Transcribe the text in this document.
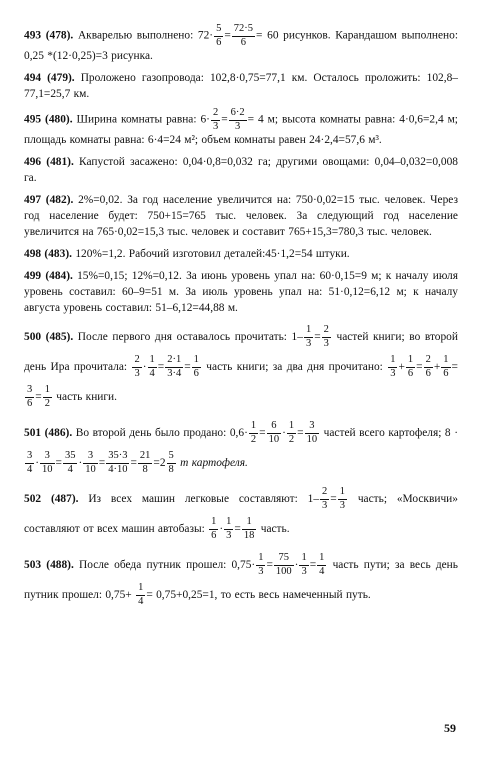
493 (478). Акварелью выполнено: $72\cdot \frac{5}{6} = \frac{72\cdot 5}{6} = 60$ рисунков. Карандашом выполнено: 0,25 *(12·0,25)=3 рисунка.

494 (479). Проложено газопровода: 102,8·0,75=77,1 км. Осталось проложить: 102,8–77,1=25,7 км.

495 (480). Ширина комнаты равна: $6\cdot \frac{2}{3} = \frac{6\cdot 2}{3} = 4$ м; высота комнаты равна: 4·0,6=2,4 м; площадь комнаты равна: 6·4=24 м²; объем комнаты равен 24·2,4=57,6 м³.

496 (481). Капустой засажено: 0,04·0,8=0,032 га; другими овощами: 0,04–0,032=0,008 га.

497 (482). 2%=0,02. За год население увеличится на: 750·0,02=15 тыс. человек. Через год население будет: 750+15=765 тыс. человек. За следующий год население увеличится на 765·0,02=15,3 тыс. человек и составит 765+15,3=780,3 тыс. человек.

498 (483). 120%=1,2. Рабочий изготовил деталей:45·1,2=54 штуки.

499 (484). 15%=0,15; 12%=0,12. За июнь уровень упал на: 60·0,15=9 м; к началу июля уровень составил: 60–9=51 м. За июль уровень упал на: 51·0,12=6,12 м; к началу августа уровень составил: 51–6,12=44,88 м.

500 (485). После первого дня оставалось прочитать: $1- \frac{1}{3} = \frac{2}{3}$ частей книги; во второй день Ира прочитала: $\frac{2}{3} \cdot \frac{1}{4} = \frac{2\cdot 1}{3\cdot 4} = \frac{1}{6}$ часть книги; за два дня прочитано: $\frac{1}{3} + \frac{1}{6} = \frac{2}{6} + \frac{1}{6}$ =
$\frac{3}{6} = \frac{1}{2}$ часть книги.

501 (486). Во второй день было продано: $0,6\cdot \frac{1}{2} = \frac{6}{10} \cdot \frac{1}{2} = \frac{3}{10}$ частей всего картофеля; 8 ·
$\frac{3}{4} \cdot \frac{3}{10} = \frac{35}{4} \cdot \frac{3}{10} = \frac{35\cdot 3}{4\cdot 10} = \frac{21}{8} =2 \frac{5}{8}$ т картофеля.

502 (487). Из всех машин легковые составляют: $1- \frac{2}{3} = \frac{1}{3}$ часть; «Москвичи» составляют от всех машин автобазы: $\frac{1}{6} \cdot \frac{1}{3} = \frac{1}{18}$ часть.

503 (488). После обеда путник прошел: $0,75\cdot \frac{1}{3} = \frac{75}{100} \cdot \frac{1}{3} = \frac{1}{4}$ часть пути; за весь день путник прошел: $0,75+ \frac{1}{4} = 0,75+0,25=1$, то есть весь намеченный путь.

59
